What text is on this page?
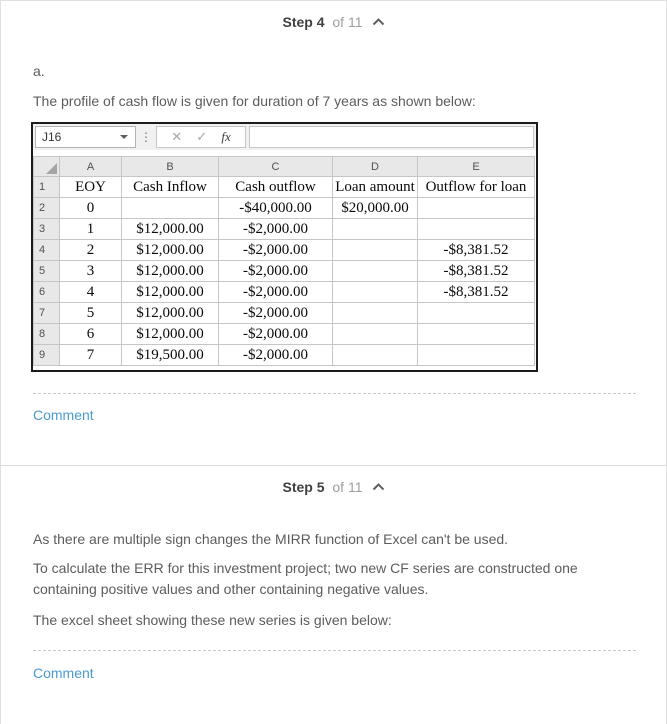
Step 4 of 11
a.
The profile of cash flow is given for duration of 7 years as shown below:
J16	⋮	✕ ✓ fx
	A	B	C	D	E
1	EOY	Cash Inflow	Cash outflow	Loan amount	Outflow for loan
2	0		-$40,000.00	$20,000.00	
3	1	$12,000.00	-$2,000.00		
4	2	$12,000.00	-$2,000.00		-$8,381.52
5	3	$12,000.00	-$2,000.00		-$8,381.52
6	4	$12,000.00	-$2,000.00		-$8,381.52
7	5	$12,000.00	-$2,000.00		
8	6	$12,000.00	-$2,000.00		
9	7	$19,500.00	-$2,000.00		
Comment
Step 5 of 11

As there are multiple sign changes the MIRR function of Excel can't be used.

To calculate the ERR for this investment project; two new CF series are constructed one containing positive values and other containing negative values.

The excel sheet showing these new series is given below:

Comment
